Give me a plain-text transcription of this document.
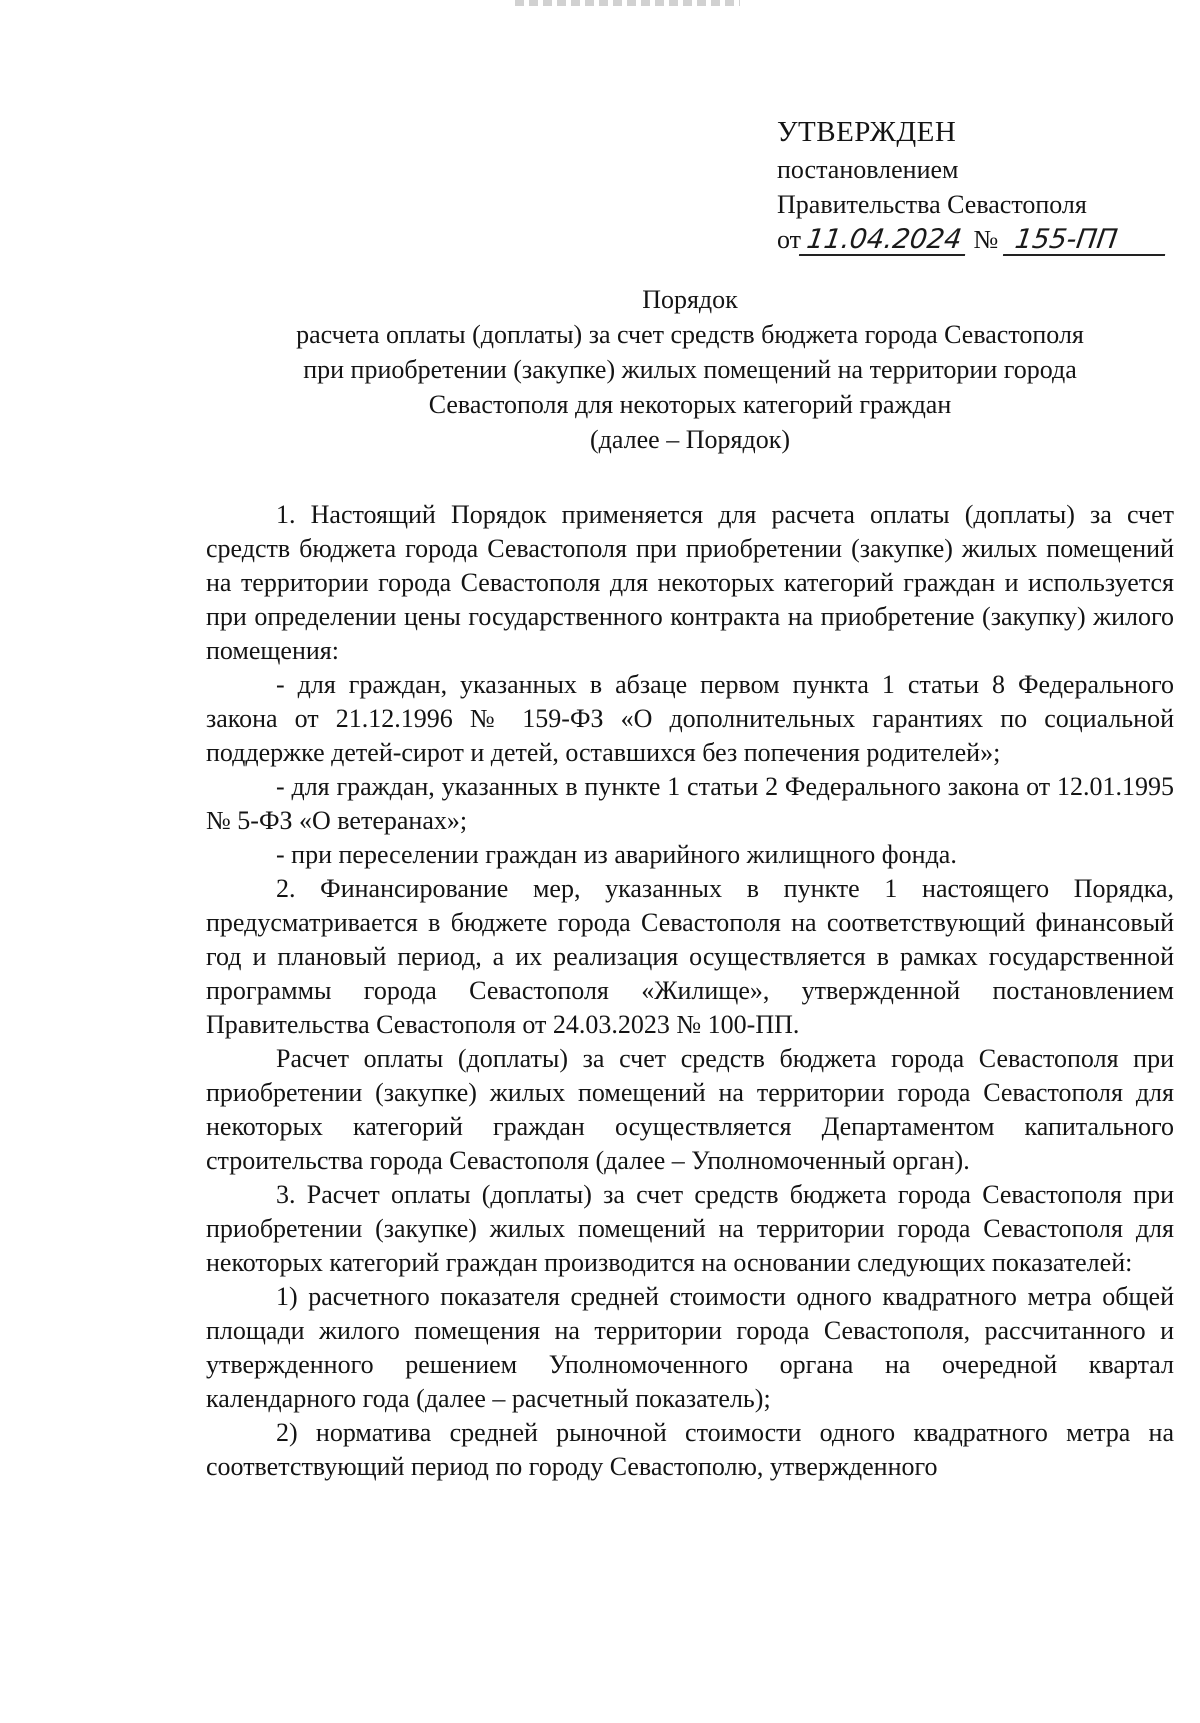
УТВЕРЖДЕН
постановлением
Правительства Севастополя
от 11.04.2024 № 155-ПП
Порядок
расчета оплаты (доплаты) за счет средств бюджета города Севастополя
при приобретении (закупке) жилых помещений на территории города
Севастополя для некоторых категорий граждан
(далее – Порядок)

1. Настоящий Порядок применяется для расчета оплаты (доплаты) за счет средств бюджета города Севастополя при приобретении (закупке) жилых помещений на территории города Севастополя для некоторых категорий граждан и используется при определении цены государственного контракта на приобретение (закупку) жилого помещения:

- для граждан, указанных в абзаце первом пункта 1 статьи 8 Федерального закона от 21.12.1996 № 159-ФЗ «О дополнительных гарантиях по социальной поддержке детей-сирот и детей, оставшихся без попечения родителей»;

- для граждан, указанных в пункте 1 статьи 2 Федерального закона от 12.01.1995 № 5-ФЗ «О ветеранах»;

- при переселении граждан из аварийного жилищного фонда.

2. Финансирование мер, указанных в пункте 1 настоящего Порядка, предусматривается в бюджете города Севастополя на соответствующий финансовый год и плановый период, а их реализация осуществляется в рамках государственной программы города Севастополя «Жилище», утвержденной постановлением Правительства Севастополя от 24.03.2023 № 100-ПП.

Расчет оплаты (доплаты) за счет средств бюджета города Севастополя при приобретении (закупке) жилых помещений на территории города Севастополя для некоторых категорий граждан осуществляется Департаментом капитального строительства города Севастополя (далее – Уполномоченный орган).

3. Расчет оплаты (доплаты) за счет средств бюджета города Севастополя при приобретении (закупке) жилых помещений на территории города Севастополя для некоторых категорий граждан производится на основании следующих показателей:

1) расчетного показателя средней стоимости одного квадратного метра общей площади жилого помещения на территории города Севастополя, рассчитанного и утвержденного решением Уполномоченного органа на очередной квартал календарного года (далее – расчетный показатель);

2) норматива средней рыночной стоимости одного квадратного метра на соответствующий период по городу Севастополю, утвержденного
